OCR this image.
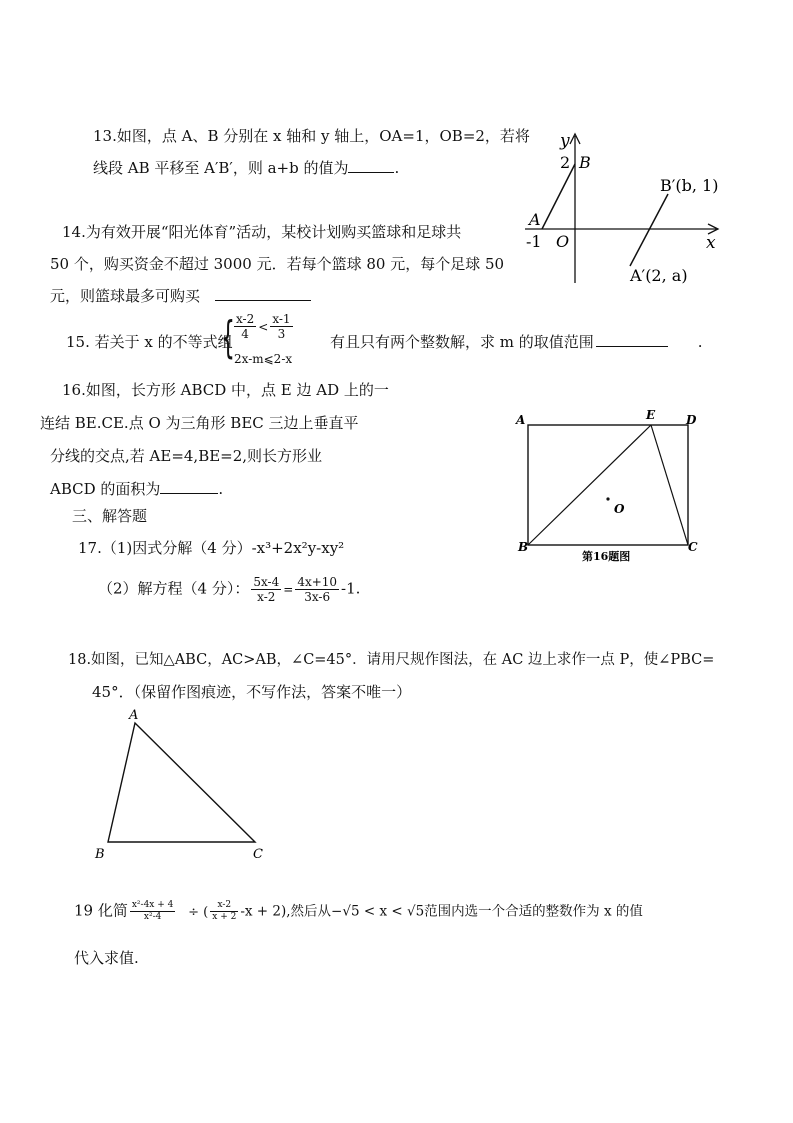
13.如图，点 A、B 分别在 x 轴和 y 轴上，OA=1，OB=2，若将
线段 AB 平移至 A′B′，则 a+b 的值为	.
y
2 B
A
-1 O	x
B′(b, 1)
A′(2, a)
14.为有效开展“阳光体育”活动，某校计划购买篮球和足球共
50 个，购买资金不超过 3000 元．若每个篮球 80 元，每个足球 50
元，则篮球最多可购买
15. 若关于 x 的不等式组
{ $\frac{x-2}{4} < \frac{x-1}{3}$
2x-m⩽2-x
有且只有两个整数解，求 m 的取值范围	.
16.如图，长方形 ABCD 中，点 E 边 AD 上的一
连结 BE.CE.点 O 为三角形 BEC 三边上垂直平
分线的交点,若 AE=4,BE=2,则长方形业
ABCD 的面积为	.
A	E	D
B	C
O
第16题图
三、解答题
17.（1)因式分解（4 分）-x³+2x²y-xy²
（2）解方程（4 分）： $\frac{5x-4}{x-2} = \frac{4x+10}{3x-6} -1$.
18.如图，已知△ABC，AC>AB，∠C=45°．请用尺规作图法，在 AC 边上求作一点 P，使∠PBC=
45°．（保留作图痕迹，不写作法，答案不唯一）
A
B	C
19 化简 $\frac{\text{x²-4x + 4}}{\text{x²-4}}$ ÷ ( $\frac{x-2}{x + 2} -x + 2$),然后从−√5 < x < √5范围内选一个合适的整数作为 x 的值
代入求值.
